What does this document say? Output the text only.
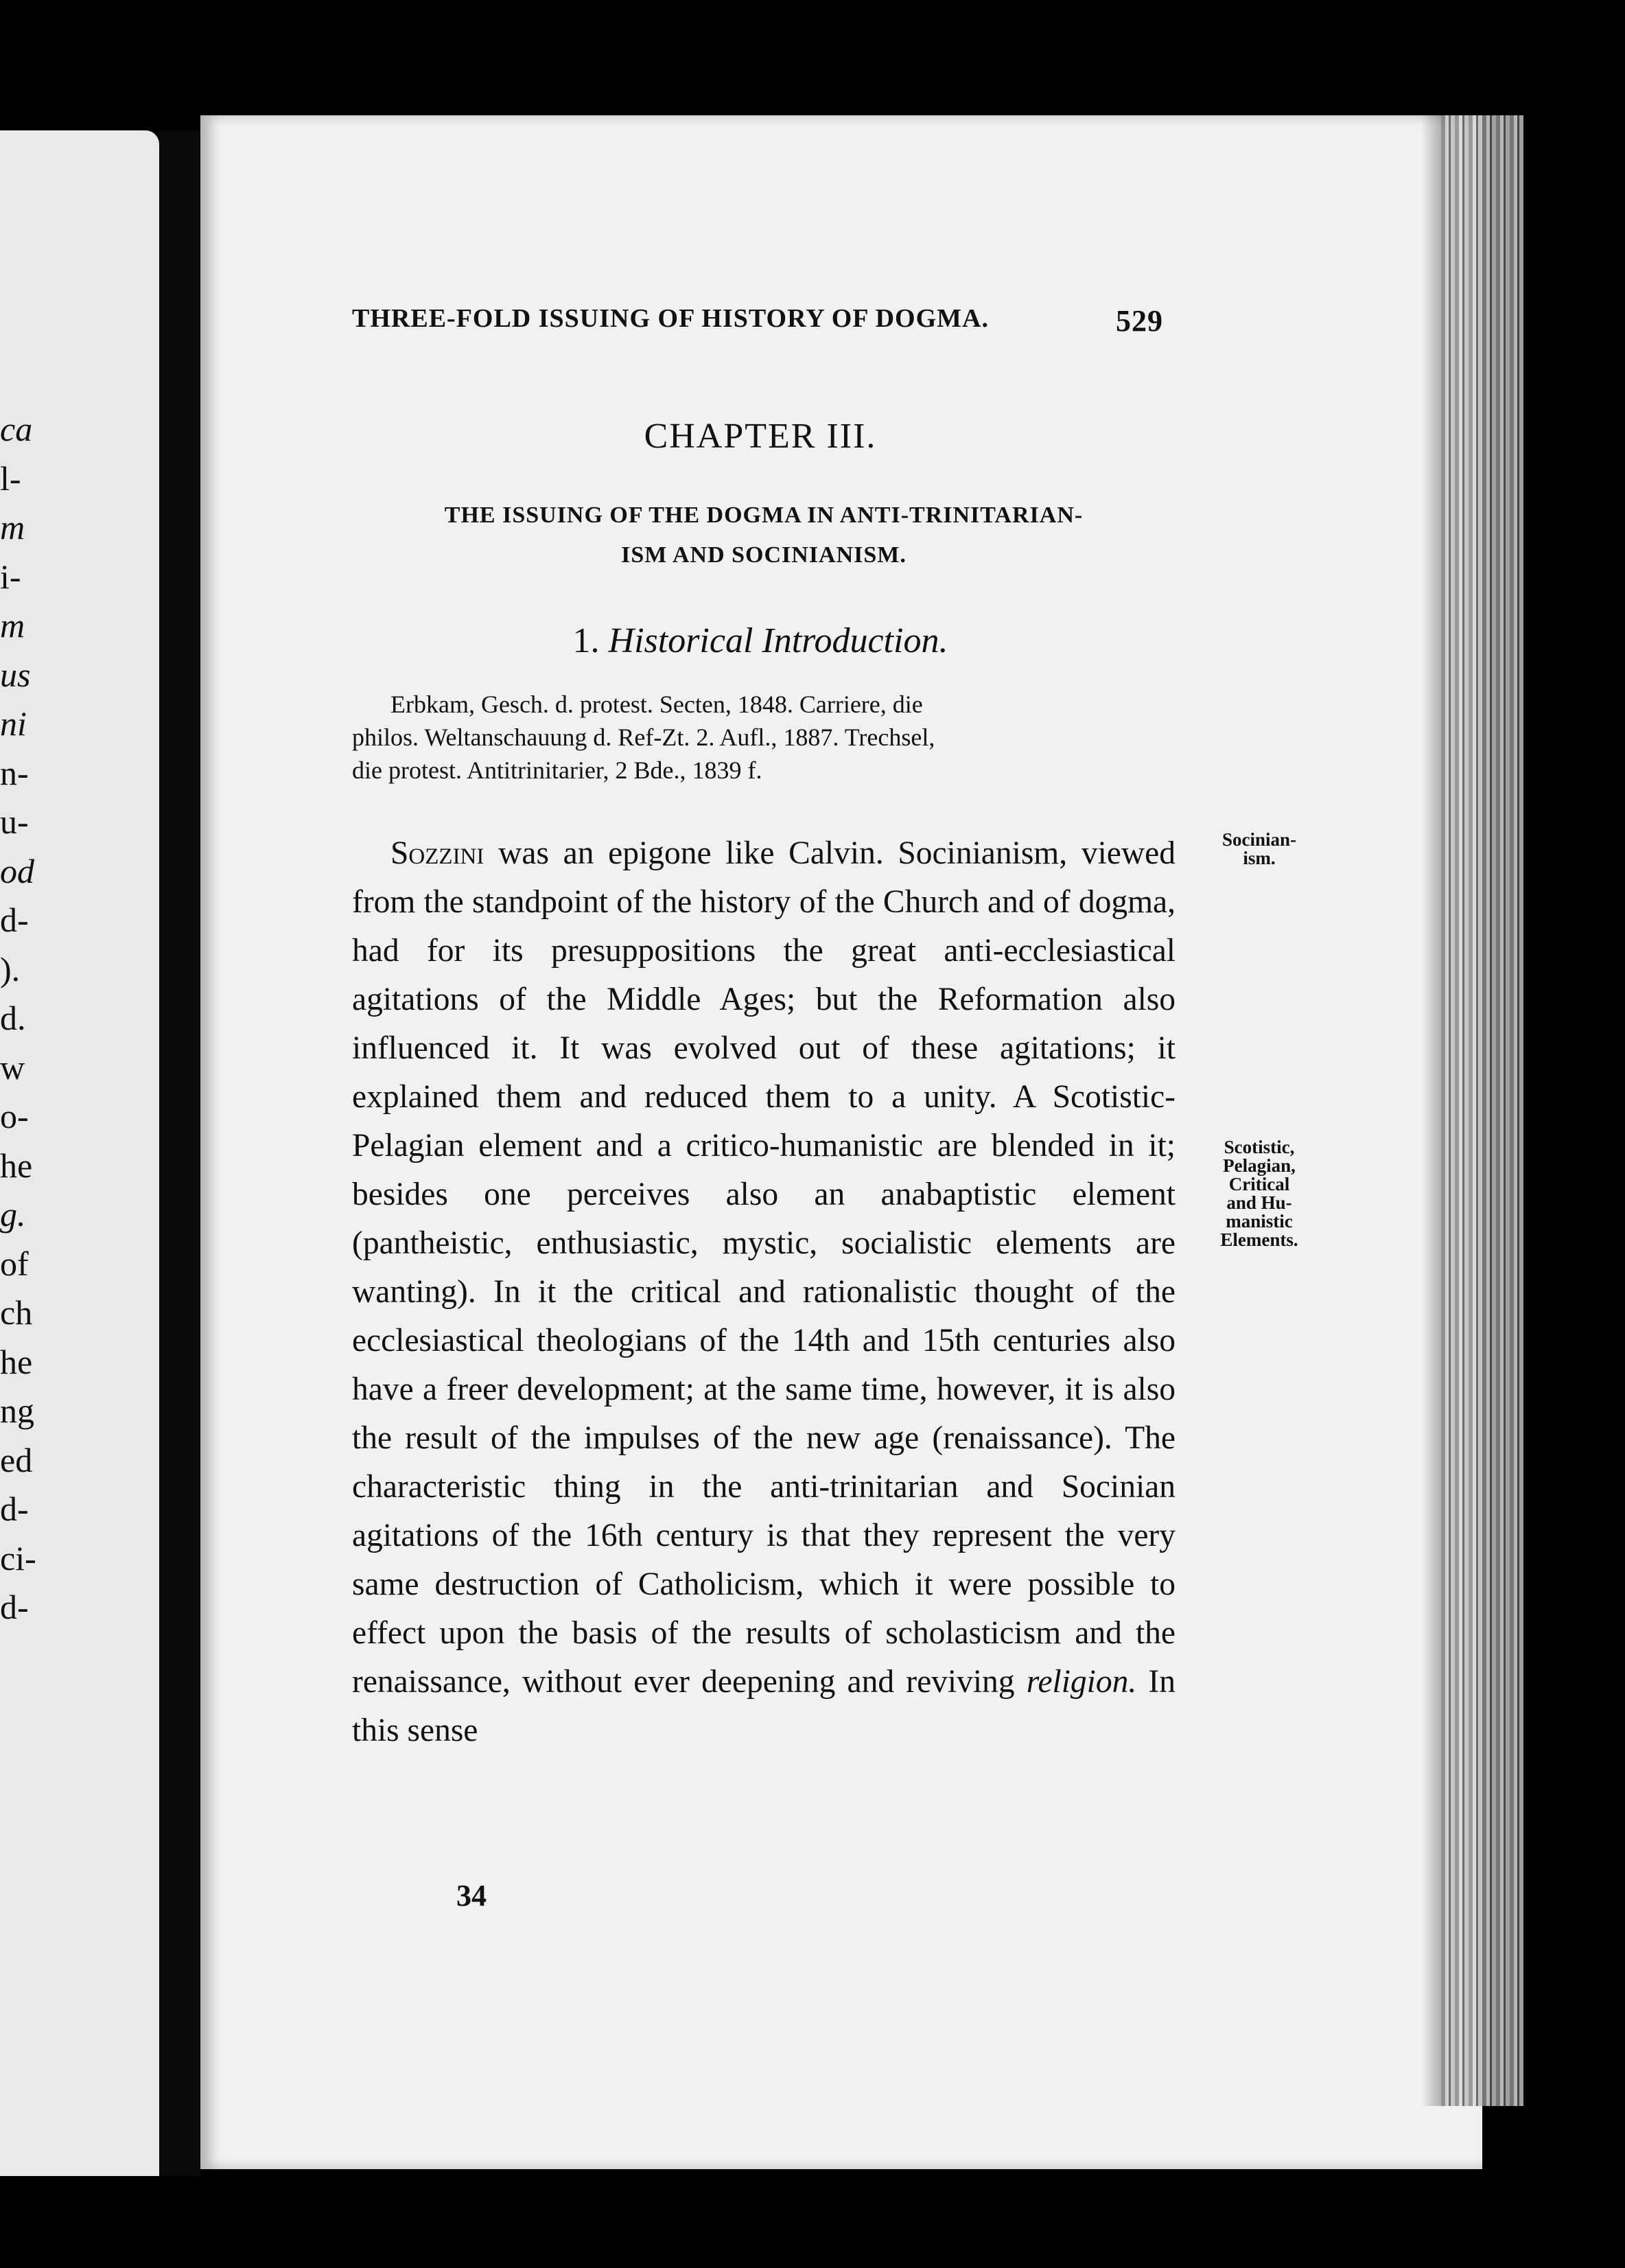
ca
l-
m
i-
m
us
ni
n-
u-
od
d-
).
d.
w
o-
he
g.
of
ch
he
ng
ed
d-
ci-
d-
THREE-FOLD ISSUING OF HISTORY OF DOGMA.	529
CHAPTER III.
THE ISSUING OF THE DOGMA IN ANTI-TRINITARIAN-
ISM AND SOCINIANISM.
1. Historical Introduction.

Erbkam, Gesch. d. protest. Secten, 1848. Carriere, die

philos. Weltanschauung d. Ref-Zt. 2. Aufl., 1887. Trechsel,

die protest. Antitrinitarier, 2 Bde., 1839 f.

Sozzini was an epigone like Calvin. Socinianism, viewed from the standpoint of the history of the Church and of dogma, had for its presuppositions the great anti-ecclesiastical agitations of the Middle Ages; but the Reformation also influenced it. It was evolved out of these agitations; it explained them and reduced them to a unity. A Scotistic-Pelagian element and a critico-humanistic are blended in it; besides one perceives also an anabaptistic element (pantheistic, enthusiastic, mystic, socialistic elements are wanting). In it the critical and rationalistic thought of the ecclesiastical theologians of the 14th and 15th centuries also have a freer development; at the same time, however, it is also the result of the impulses of the new age (renaissance). The characteristic thing in the anti-trinitarian and Socinian agitations of the 16th century is that they represent the very same destruction of Catholicism, which it were possible to effect upon the basis of the results of scholasticism and the renaissance, without ever deepening and reviving religion. In this sense

34
Socinian-
ism.
Scotistic,
Pelagian,
Critical
and Hu-
manistic
Elements.
